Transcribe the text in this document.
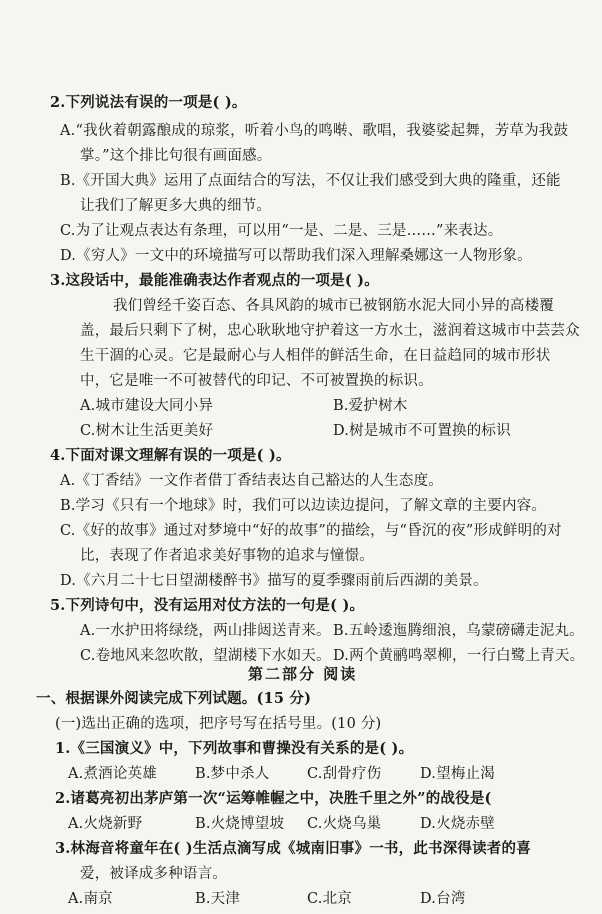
2.下列说法有误的一项是( )。
A.“我伙着朝露酿成的琼浆，听着小鸟的鸣啭、歌唱，我婆娑起舞，芳草为我鼓
掌。”这个排比句很有画面感。
B.《开国大典》运用了点面结合的写法，不仅让我们感受到大典的隆重，还能
让我们了解更多大典的细节。
C.为了让观点表达有条理，可以用“一是、二是、三是……”来表达。
D.《穷人》一文中的环境描写可以帮助我们深入理解桑娜这一人物形象。
3.这段话中，最能准确表达作者观点的一项是( )。
我们曾经千姿百态、各具风韵的城市已被钢筋水泥大同小异的高楼覆
盖，最后只剩下了树，忠心耿耿地守护着这一方水土，滋润着这城市中芸芸众
生干涸的心灵。它是最耐心与人相伴的鲜活生命，在日益趋同的城市形状
中，它是唯一不可被替代的印记、不可被置换的标识。
A.城市建设大同小异	B.爱护树木
C.树木让生活更美好	D.树是城市不可置换的标识
4.下面对课文理解有误的一项是( )。
A.《丁香结》一文作者借丁香结表达自己豁达的人生态度。
B.学习《只有一个地球》时，我们可以边读边提问，了解文章的主要内容。
C.《好的故事》通过对梦境中“好的故事”的描绘，与“昏沉的夜”形成鲜明的对
比，表现了作者追求美好事物的追求与憧憬。
D.《六月二十七日望湖楼醉书》描写的夏季骤雨前后西湖的美景。
5.下列诗句中，没有运用对仗方法的一句是( )。
A.一水护田将绿绕，两山排闼送青来。 B.五岭逶迤腾细浪，乌蒙磅礴走泥丸。
C.卷地风来忽吹散，望湖楼下水如天。 D.两个黄鹂鸣翠柳，一行白鹭上青天。
第二部分 阅读
一、根据课外阅读完成下列试题。(15 分)
(一)选出正确的选项，把序号写在括号里。(10 分)
1.《三国演义》中，下列故事和曹操没有关系的是( )。
A.煮酒论英雄	B.梦中杀人	C.刮骨疗伤	D.望梅止渴
2.诸葛亮初出茅庐第一次“运筹帷幄之中，决胜千里之外”的战役是(
A.火烧新野	B.火烧博望坡 C.火烧乌巢	D.火烧赤壁
3.林海音将童年在( )生活点滴写成《城南旧事》一书，此书深得读者的喜
爱，被译成多种语言。
A.南京	B.天津	C.北京	D.台湾
